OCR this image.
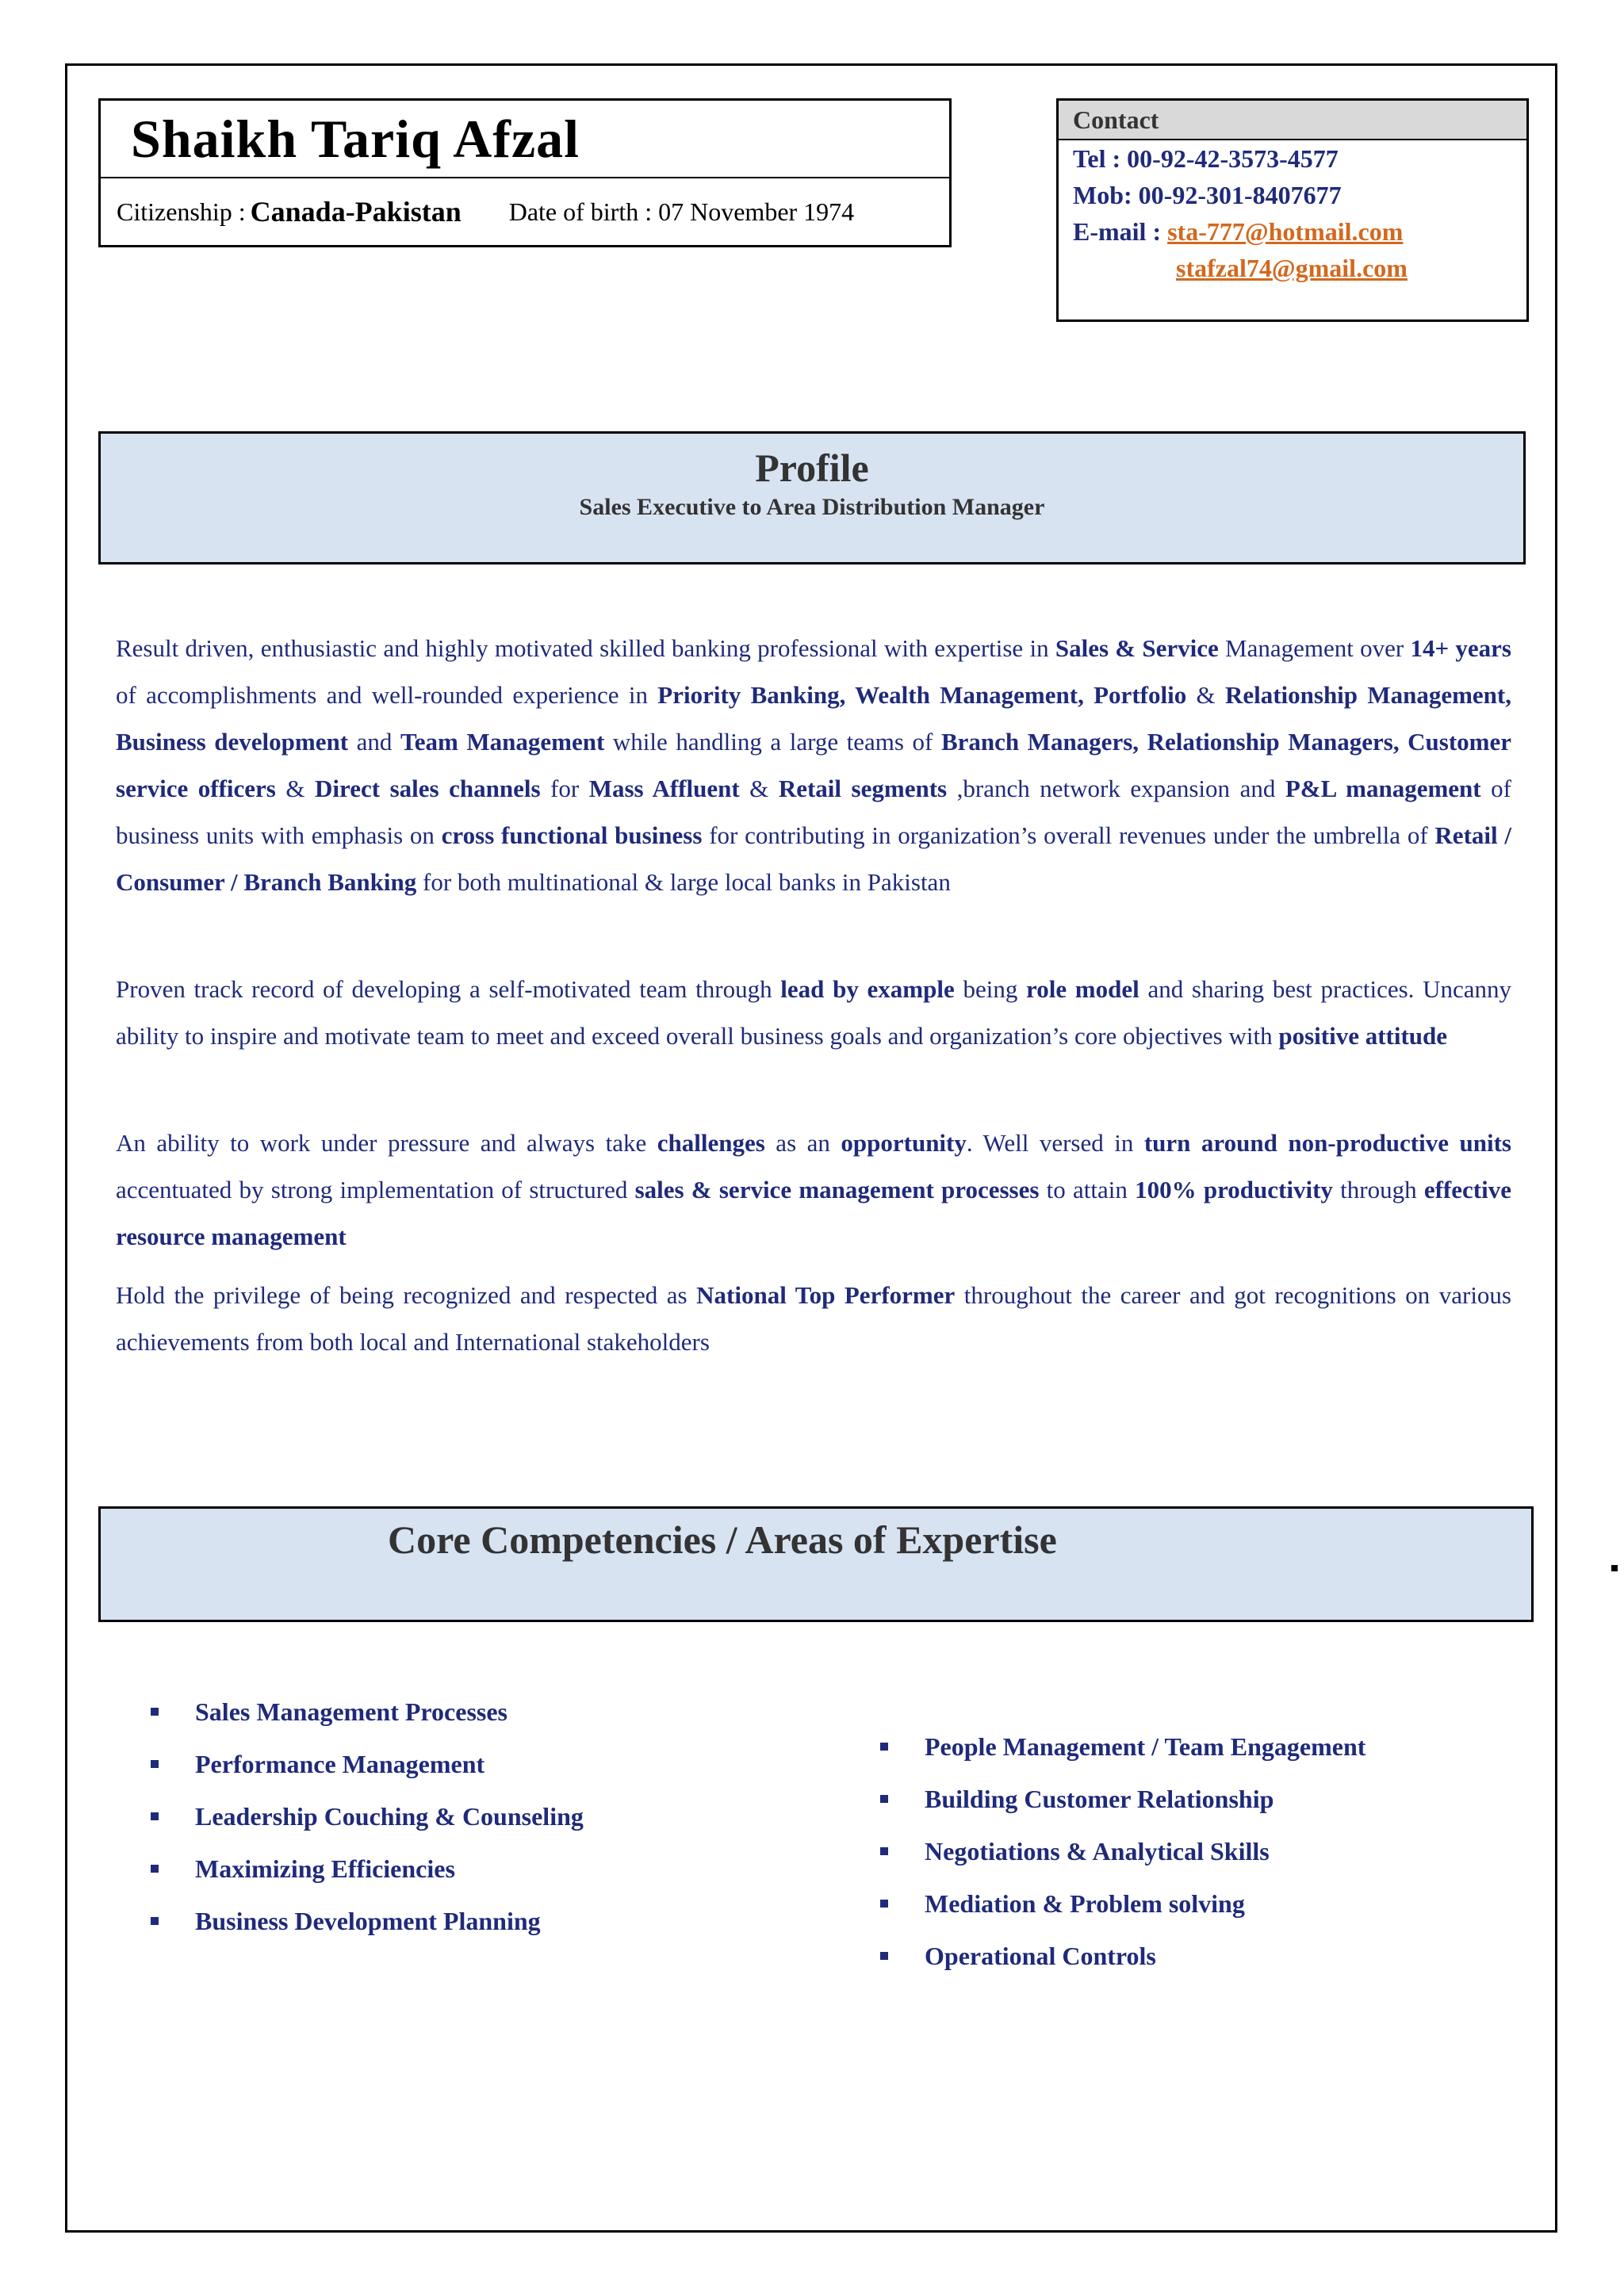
Shaikh Tariq Afzal
Citizenship : Canada-Pakistan Date of birth : 07 November 1974
Contact
Tel : 00-92-42-3573-4577
Mob: 00-92-301-8407677
E-mail :
sta-777@hotmail.com
stafzal74@gmail.com
Profile
Sales Executive to Area Distribution Manager

Result driven, enthusiastic and highly motivated skilled banking professional with expertise in Sales & Service Management over 14+ years of accomplishments and well-rounded experience in Priority Banking, Wealth Management, Portfolio & Relationship Management, Business development and Team Management while handling a large teams of Branch Managers, Relationship Managers, Customer service officers & Direct sales channels for Mass Affluent & Retail segments ,branch network expansion and P&L management of business units with emphasis on cross functional business for contributing in organization’s overall revenues under the umbrella of Retail / Consumer / Branch Banking for both multinational & large local banks in Pakistan

Proven track record of developing a self-motivated team through lead by example being role model and sharing best practices. Uncanny ability to inspire and motivate team to meet and exceed overall business goals and organization’s core objectives with positive attitude

An ability to work under pressure and always take challenges as an opportunity. Well versed in turn around non-productive units accentuated by strong implementation of structured sales & service management processes to attain 100% productivity through effective resource management

Hold the privilege of being recognized and respected as National Top Performer throughout the career and got recognitions on various achievements from both local and International stakeholders

Core Competencies / Areas of Expertise
Sales Management Processes
Performance Management
Leadership Couching & Counseling
Maximizing Efficiencies
Business Development Planning
People Management / Team Engagement
Building Customer Relationship
Negotiations & Analytical Skills
Mediation & Problem solving
Operational Controls
